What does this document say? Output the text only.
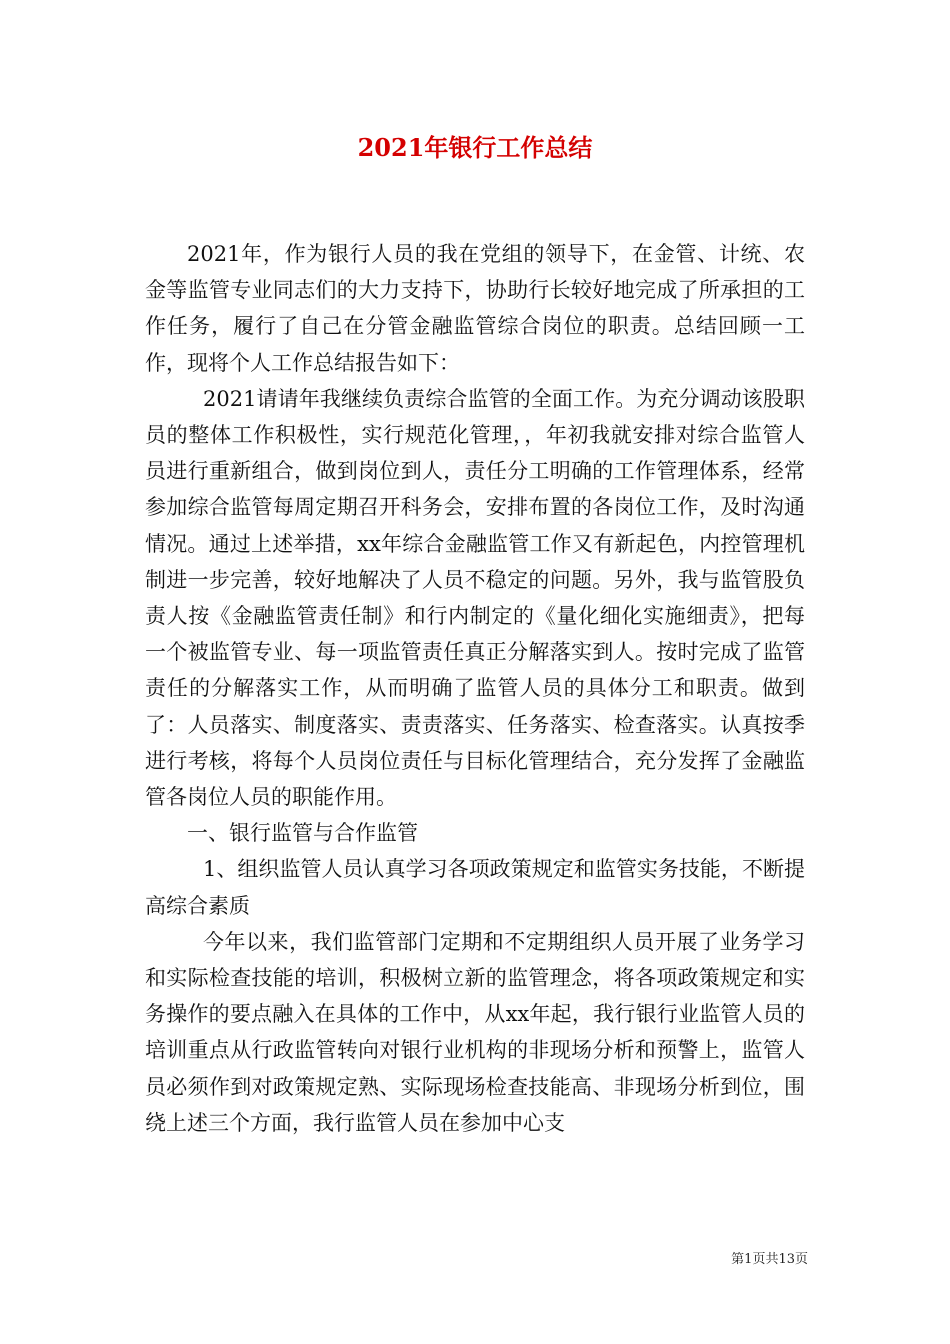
2021年银行工作总结

2021年，作为银行人员的我在党组的领导下，在金管、计统、农金等监管专业同志们的大力支持下，协助行长较好地完成了所承担的工作任务，履行了自己在分管金融监管综合岗位的职责。总结回顾一工作，现将个人工作总结报告如下：

2021请请年我继续负责综合监管的全面工作。为充分调动该股职员的整体工作积极性，实行规范化管理，，年初我就安排对综合监管人员进行重新组合，做到岗位到人，责任分工明确的工作管理体系，经常参加综合监管每周定期召开科务会，安排布置的各岗位工作，及时沟通情况。通过上述举措，xx年综合金融监管工作又有新起色，内控管理机制进一步完善，较好地解决了人员不稳定的问题。另外，我与监管股负责人按《金融监管责任制》和行内制定的《量化细化实施细责》，把每一个被监管专业、每一项监管责任真正分解落实到人。按时完成了监管责任的分解落实工作，从而明确了监管人员的具体分工和职责。做到了：人员落实、制度落实、责责落实、任务落实、检查落实。认真按季进行考核，将每个人员岗位责任与目标化管理结合，充分发挥了金融监管各岗位人员的职能作用。

一、银行监管与合作监管

1、组织监管人员认真学习各项政策规定和监管实务技能，不断提高综合素质

今年以来，我们监管部门定期和不定期组织人员开展了业务学习和实际检查技能的培训，积极树立新的监管理念，将各项政策规定和实务操作的要点融入在具体的工作中，从xx年起，我行银行业监管人员的培训重点从行政监管转向对银行业机构的非现场分析和预警上，监管人员必须作到对政策规定熟、实际现场检查技能高、非现场分析到位，围绕上述三个方面，我行监管人员在参加中心支

第1页共13页
